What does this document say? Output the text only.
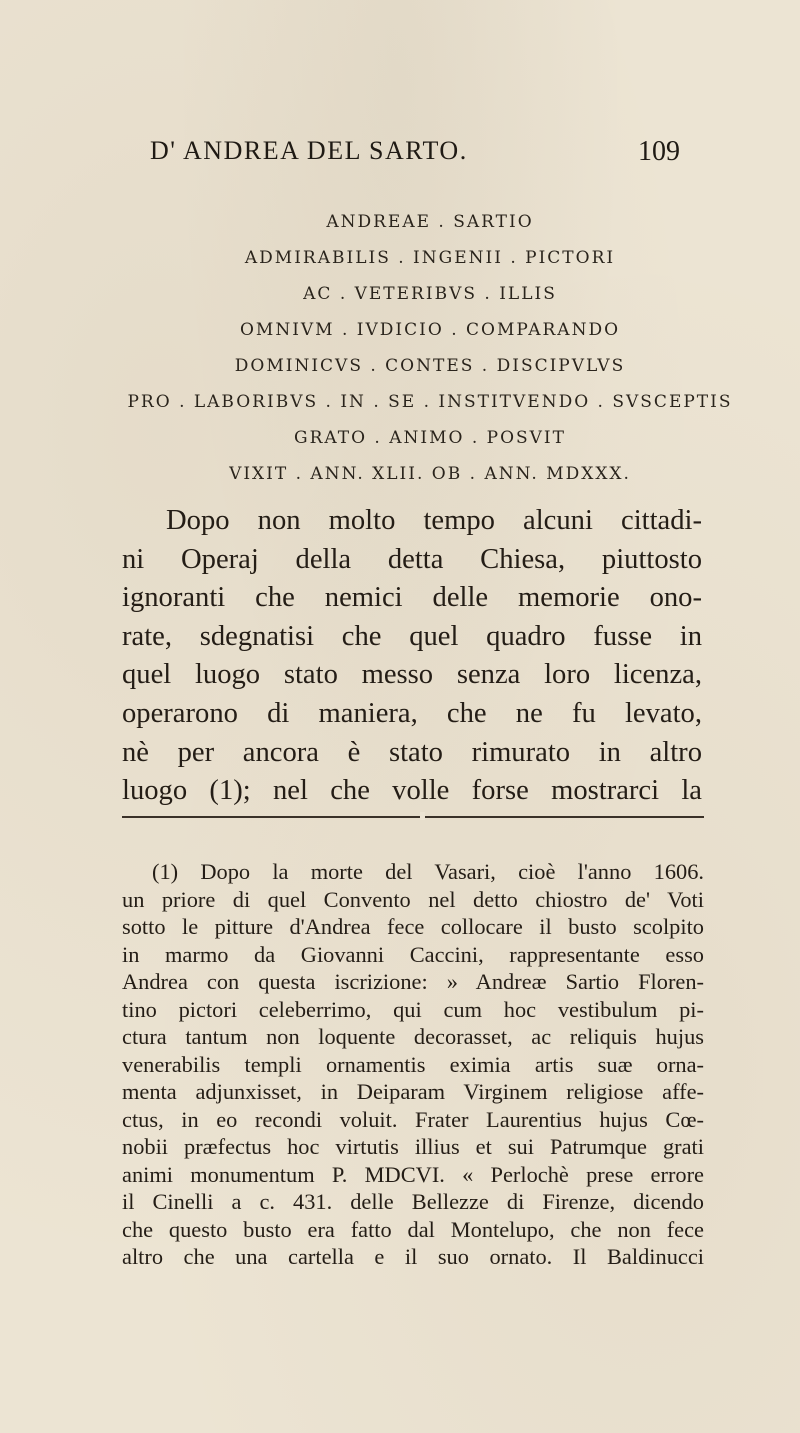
D' ANDREA DEL SARTO.	109
ANDREAE . SARTIO
ADMIRABILIS . INGENII . PICTORI
AC . VETERIBVS . ILLIS
OMNIVM . IVDICIO . COMPARANDO
DOMINICVS . CONTES . DISCIPVLVS
PRO . LABORIBVS . IN . SE . INSTITVENDO . SVSCEPTIS
GRATO . ANIMO . POSVIT
VIXIT . ANN. XLII. OB . ANN. MDXXX.
Dopo non molto tempo alcuni cittadi-
ni Operaj della detta Chiesa, piuttosto
ignoranti che nemici delle memorie ono-
rate, sdegnatisi che quel quadro fusse in
quel luogo stato messo senza loro licenza,
operarono di maniera, che ne fu levato,
nè per ancora è stato rimurato in altro
luogo (1); nel che volle forse mostrarci la
(1) Dopo la morte del Vasari, cioè l'anno 1606.
un priore di quel Convento nel detto chiostro de' Voti
sotto le pitture d'Andrea fece collocare il busto scolpito
in marmo da Giovanni Caccini, rappresentante esso
Andrea con questa iscrizione: » Andreæ Sartio Floren-
tino pictori celeberrimo, qui cum hoc vestibulum pi-
ctura tantum non loquente decorasset, ac reliquis hujus
venerabilis templi ornamentis eximia artis suæ orna-
menta adjunxisset, in Deiparam Virginem religiose affe-
ctus, in eo recondi voluit. Frater Laurentius hujus Cœ-
nobii præfectus hoc virtutis illius et sui Patrumque grati
animi monumentum P. MDCVI. « Perlochè prese errore
il Cinelli a c. 431. delle Bellezze di Firenze, dicendo
che questo busto era fatto dal Montelupo, che non fece
altro che una cartella e il suo ornato. Il Baldinucci
